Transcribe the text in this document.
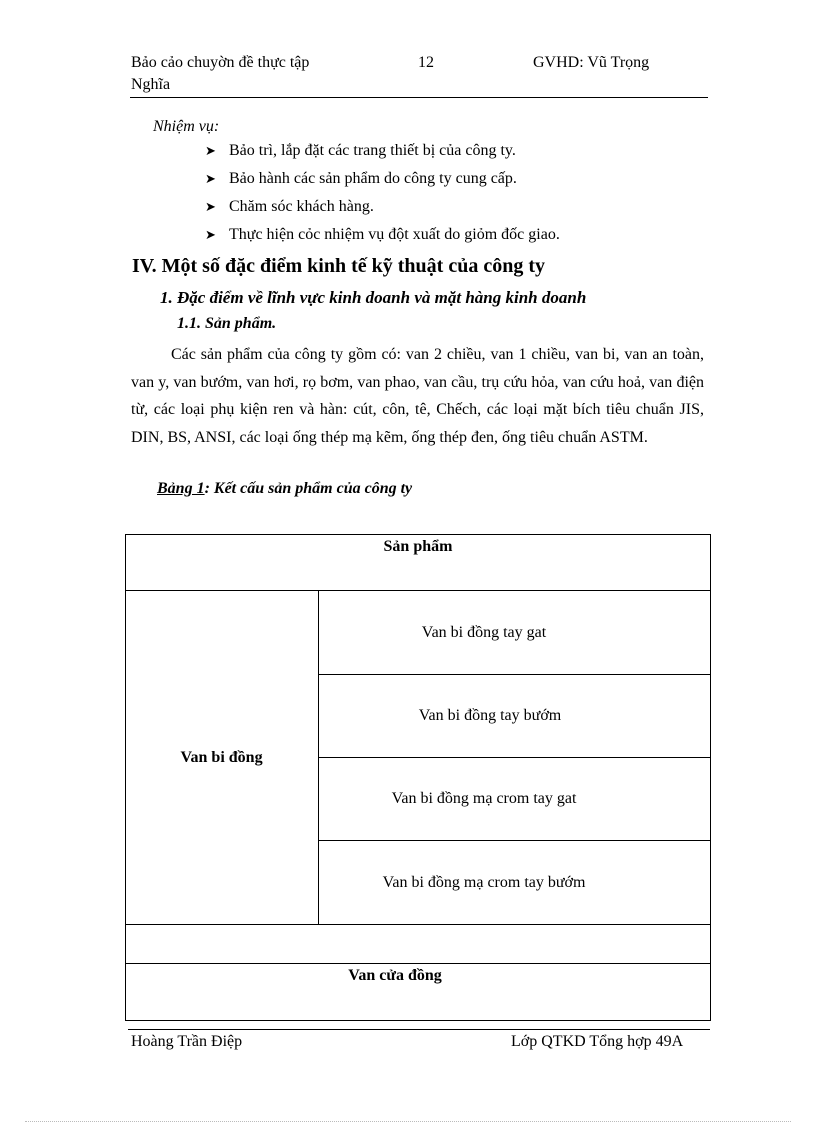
Bảo cảo chuyờn đề thực tập
Nghĩa
12	GVHD: Vũ Trọng
Nhiệm vụ:
➤ Bảo trì, lắp đặt các trang thiết bị của công ty.
➤ Bảo hành các sản phẩm do công ty cung cấp.
➤ Chăm sóc khách hàng.
➤ Thực hiện cỏc nhiệm vụ đột xuất do giỏm đốc giao.
IV. Một số đặc điểm kinh tế kỹ thuật của công ty
1. Đặc điểm về lĩnh vực kinh doanh và mặt hàng kinh doanh
1.1. Sản phẩm.
Các sản phẩm của công ty gồm có: van 2 chiều, van 1 chiều, van bi, van an toàn, van y, van bướm, van hơi, rọ bơm, van phao, van cầu, trụ cứu hỏa, van cứu hoả, van điện từ, các loại phụ kiện ren và hàn: cút, côn, tê, Chếch, các loại mặt bích tiêu chuẩn JIS, DIN, BS, ANSI, các loại ống thép mạ kẽm, ống thép đen, ống tiêu chuẩn ASTM.
Bảng 1: Kết cấu sản phẩm của công ty
Sản phẩm
Van bi đồng
Van bi đồng tay gat
Van bi đồng tay bướm
Van bi đồng mạ crom tay gat
Van bi đồng mạ crom tay bướm
Van cửa đồng
Hoàng Trần Điệp	Lớp QTKD Tổng hợp 49A
